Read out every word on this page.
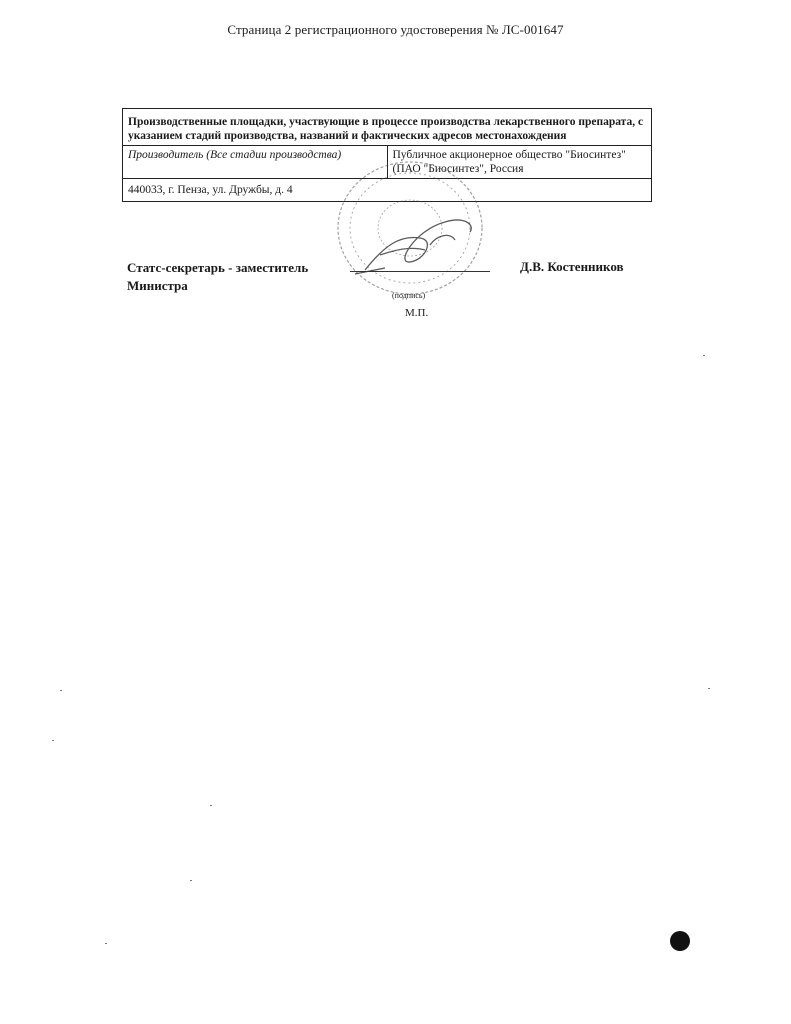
Страница 2 регистрационного удостоверения № ЛС-001647
Производственные площадки, участвующие в процессе производства лекарственного препарата, с указанием стадий производства, названий и фактических адресов местонахождения
Производитель (Все стадии производства)	Публичное акционерное общество "Биосинтез" (ПАО "Биосинтез", Россия
440033, г. Пенза, ул. Дружбы, д. 4
Статс-секретарь - заместитель
Министра
(подпись)
М.П.
Д.В. Костенников
